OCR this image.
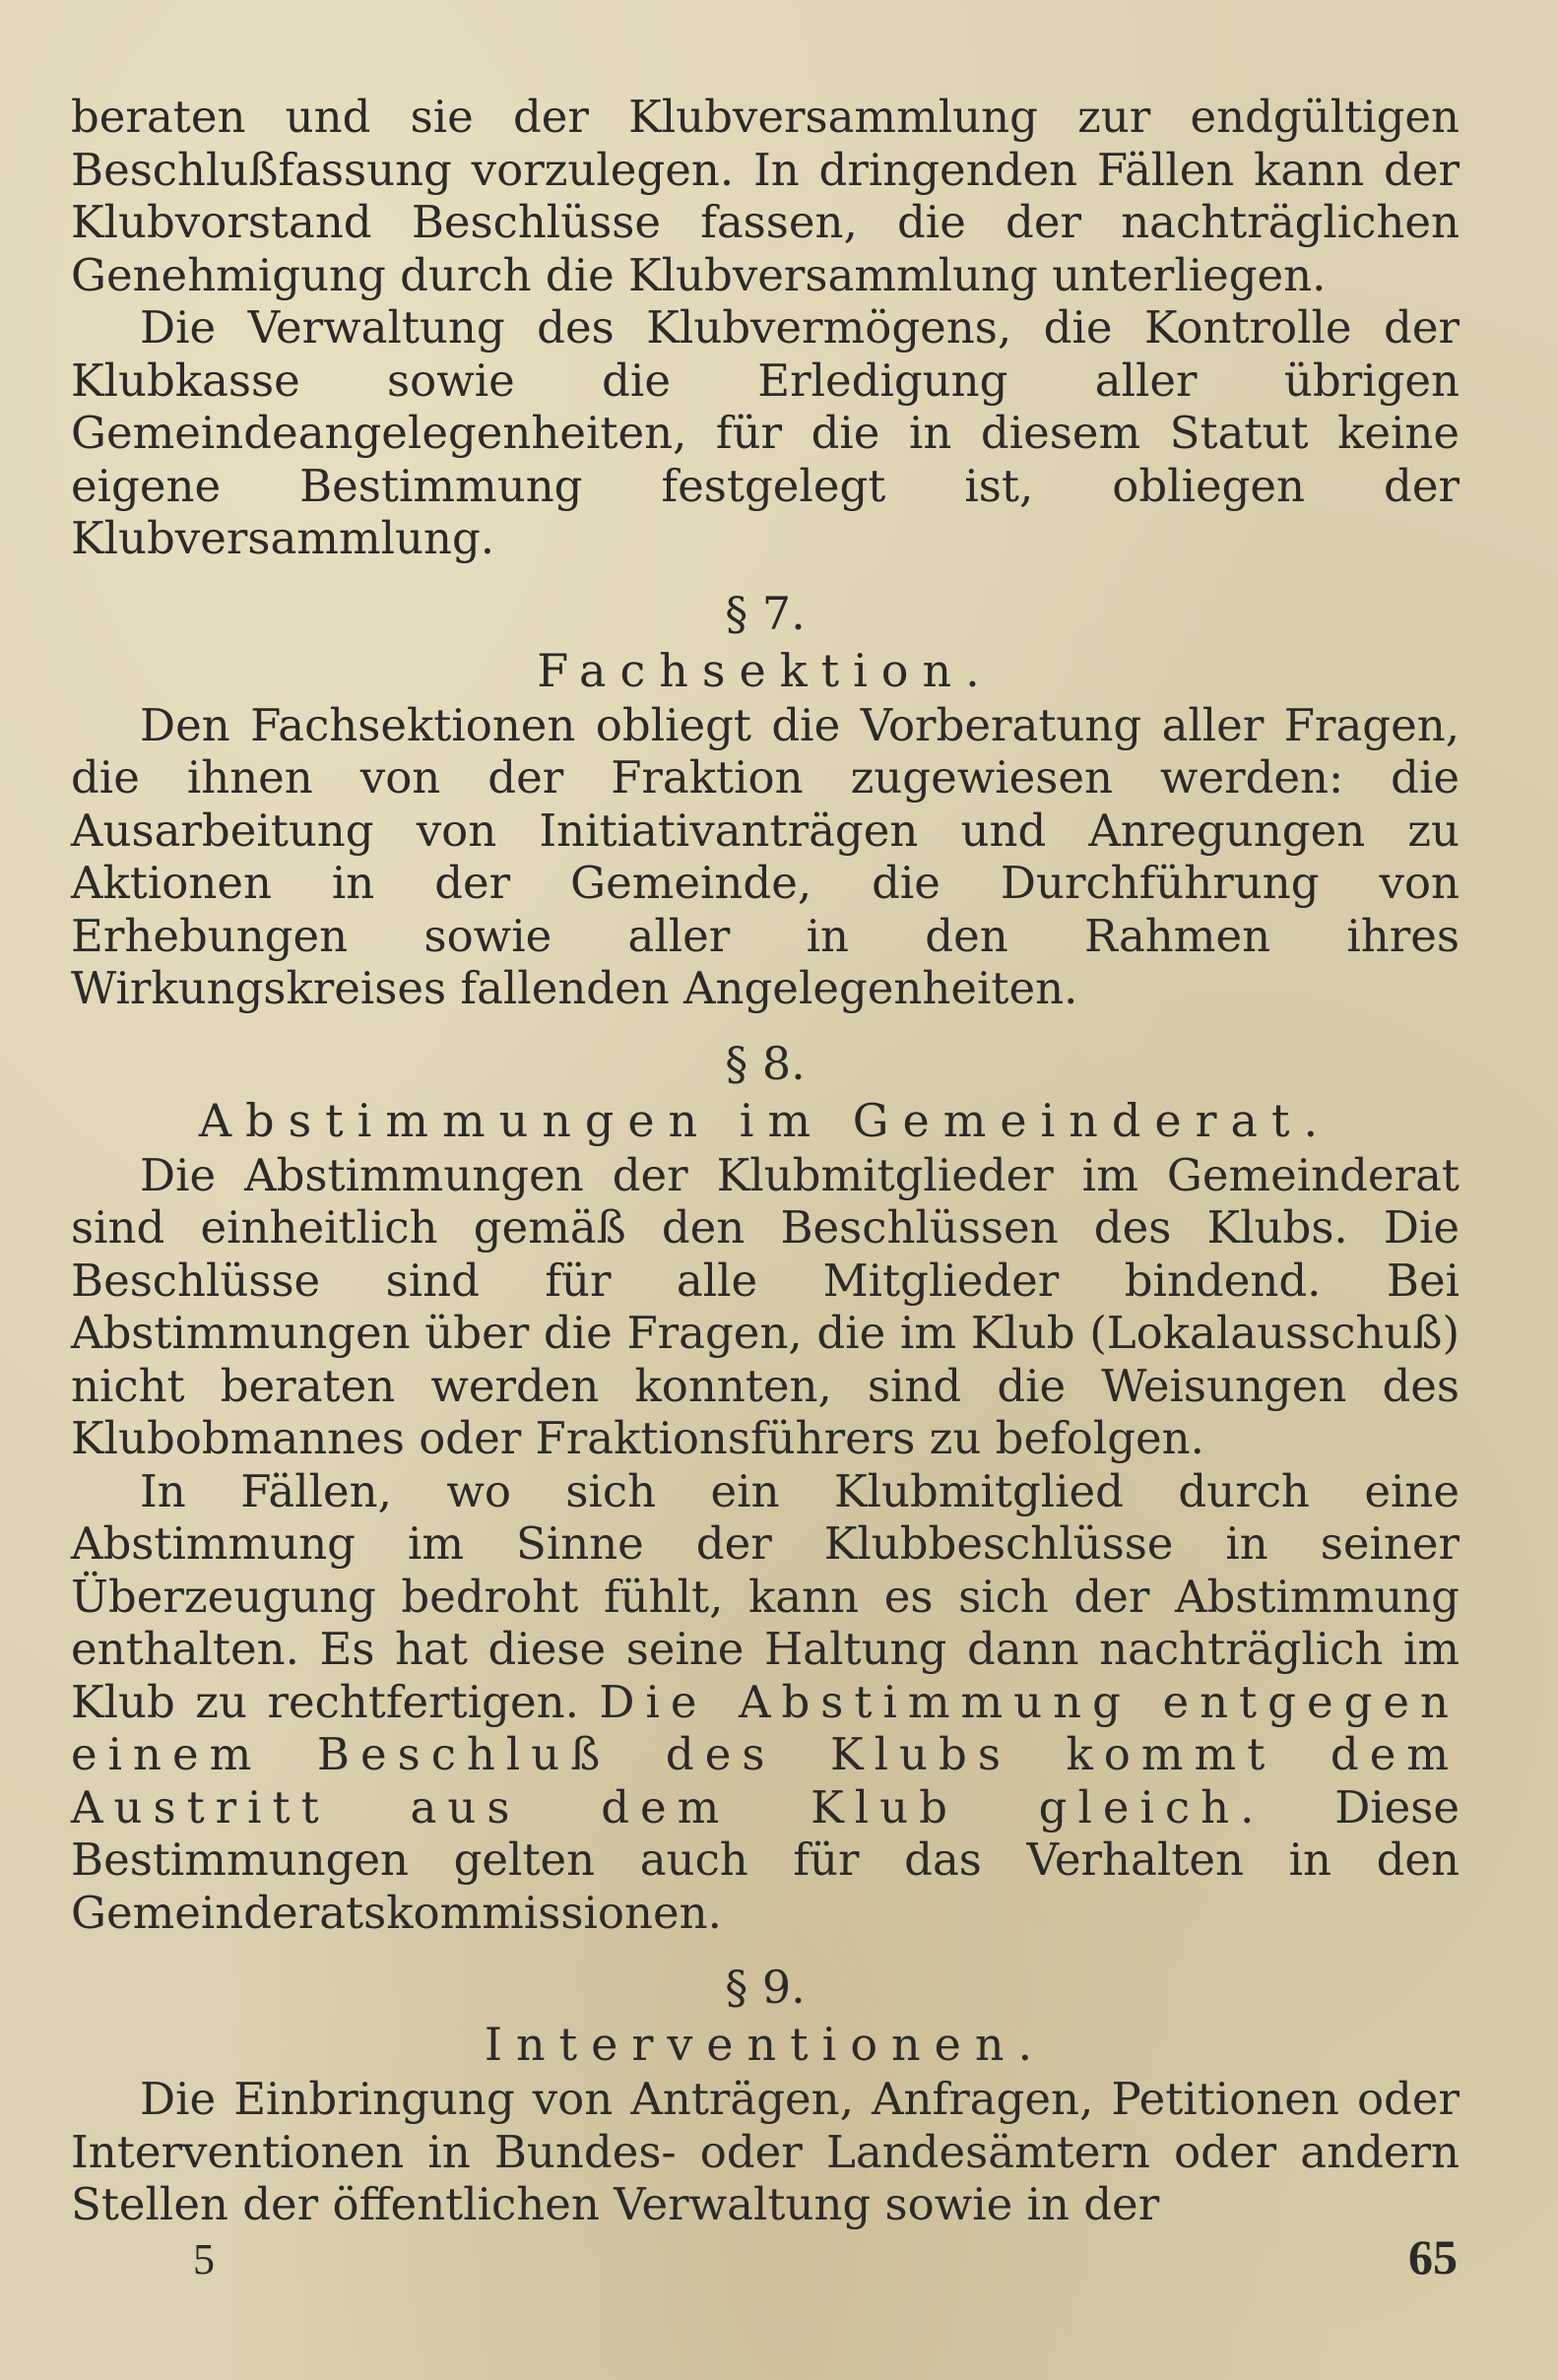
beraten und sie der Klubversammlung zur endgültigen Beschlußfassung vorzulegen. In dringenden Fällen kann der Klubvorstand Beschlüsse fassen, die der nachträglichen Genehmigung durch die Klubversammlung unterliegen.

Die Verwaltung des Klubvermögens, die Kontrolle der Klubkasse sowie die Erledigung aller übrigen Gemeindeangelegenheiten, für die in diesem Statut keine eigene Bestimmung festgelegt ist, obliegen der Klubversammlung.

§ 7.
Fachsektion.

Den Fachsektionen obliegt die Vorberatung aller Fragen, die ihnen von der Fraktion zugewiesen werden: die Ausarbeitung von Initiativanträgen und Anregungen zu Aktionen in der Gemeinde, die Durchführung von Erhebungen sowie aller in den Rahmen ihres Wirkungskreises fallenden Angelegenheiten.

§ 8.
Abstimmungen im Gemeinderat.

Die Abstimmungen der Klubmitglieder im Gemeinderat sind einheitlich gemäß den Beschlüssen des Klubs. Die Beschlüsse sind für alle Mitglieder bindend. Bei Abstimmungen über die Fragen, die im Klub (Lokalausschuß) nicht beraten werden konnten, sind die Weisungen des Klubobmannes oder Fraktionsführers zu befolgen.

In Fällen, wo sich ein Klubmitglied durch eine Abstimmung im Sinne der Klubbeschlüsse in seiner Überzeugung bedroht fühlt, kann es sich der Abstimmung enthalten. Es hat diese seine Haltung dann nachträglich im Klub zu rechtfertigen. Die Abstimmung entgegen einem Beschluß des Klubs kommt dem Austritt aus dem Klub gleich. Diese Bestimmungen gelten auch für das Verhalten in den Gemeinderatskommissionen.

§ 9.
Interventionen.

Die Einbringung von Anträgen, Anfragen, Petitionen oder Interventionen in Bundes- oder Landesämtern oder andern Stellen der öffentlichen Verwaltung sowie in der

5	65
